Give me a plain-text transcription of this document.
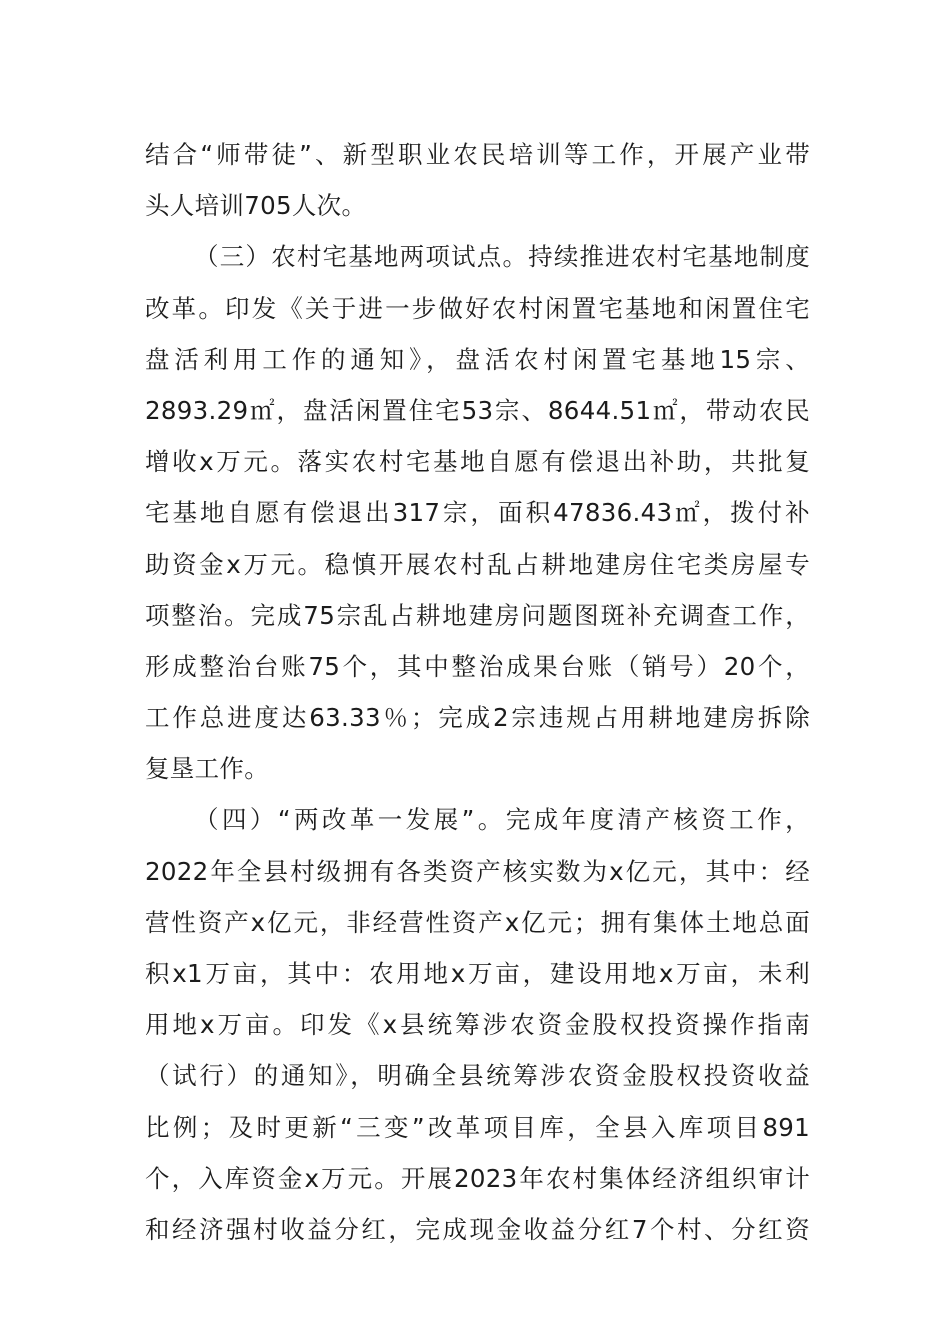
结合“师带徒”、新型职业农民培训等工作，开展产业带
头人培训705人次。
（三）农村宅基地两项试点。持续推进农村宅基地制度
改革。印发《关于进一步做好农村闲置宅基地和闲置住宅
盘活利用工作的通知》，盘活农村闲置宅基地15宗、
2893.29㎡，盘活闲置住宅53宗、8644.51㎡，带动农民
增收x万元。落实农村宅基地自愿有偿退出补助，共批复
宅基地自愿有偿退出317宗，面积47836.43㎡，拨付补
助资金x万元。稳慎开展农村乱占耕地建房住宅类房屋专
项整治。完成75宗乱占耕地建房问题图斑补充调查工作，
形成整治台账75个，其中整治成果台账（销号）20个，
工作总进度达63.33％；完成2宗违规占用耕地建房拆除
复垦工作。
（四）“两改革一发展”。完成年度清产核资工作，
2022年全县村级拥有各类资产核实数为x亿元，其中：经
营性资产x亿元，非经营性资产x亿元；拥有集体土地总面
积x1万亩，其中：农用地x万亩，建设用地x万亩，未利
用地x万亩。印发《x县统筹涉农资金股权投资操作指南
（试行）的通知》，明确全县统筹涉农资金股权投资收益
比例；及时更新“三变”改革项目库，全县入库项目891
个，入库资金x万元。开展2023年农村集体经济组织审计
和经济强村收益分红，完成现金收益分红7个村、分红资
